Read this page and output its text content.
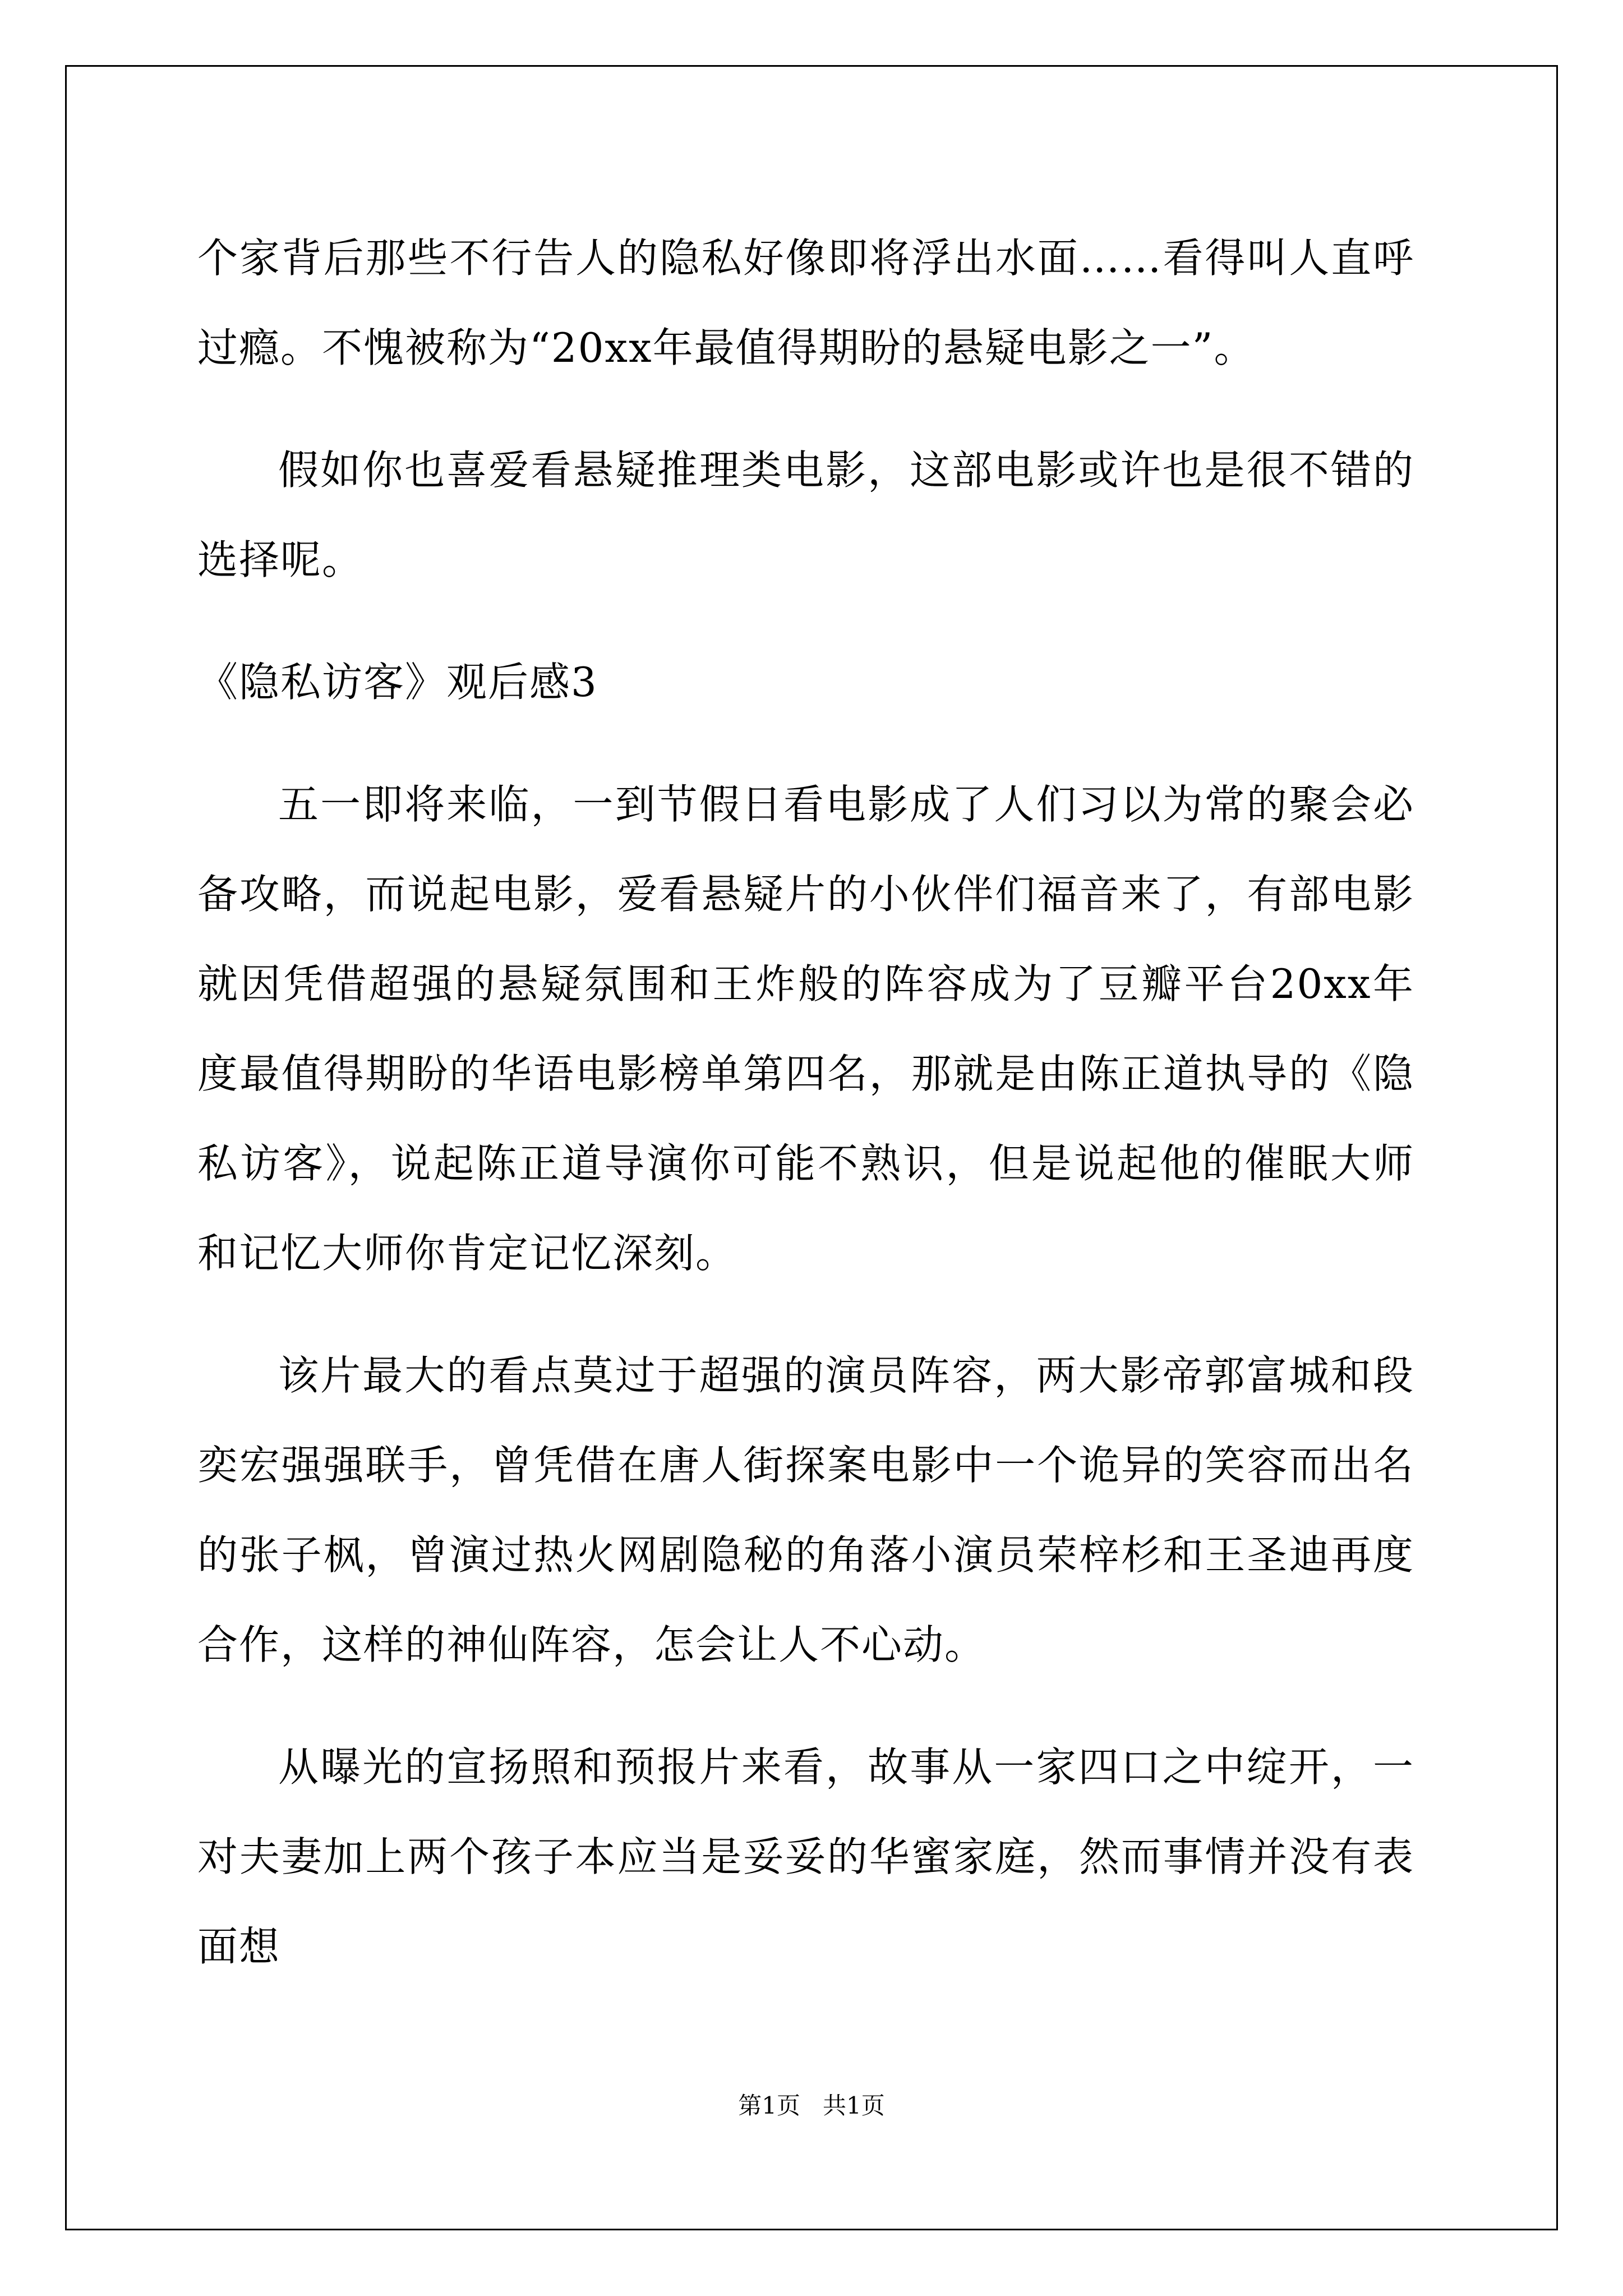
个家背后那些不行告人的隐私好像即将浮出水面……看得叫人直呼过瘾。不愧被称为“20xx年最值得期盼的悬疑电影之一”。

假如你也喜爱看悬疑推理类电影，这部电影或许也是很不错的选择呢。

《隐私访客》观后感3

五一即将来临，一到节假日看电影成了人们习以为常的聚会必备攻略，而说起电影，爱看悬疑片的小伙伴们福音来了，有部电影就因凭借超强的悬疑氛围和王炸般的阵容成为了豆瓣平台20xx年度最值得期盼的华语电影榜单第四名，那就是由陈正道执导的《隐私访客》，说起陈正道导演你可能不熟识，但是说起他的催眠大师和记忆大师你肯定记忆深刻。

该片最大的看点莫过于超强的演员阵容，两大影帝郭富城和段奕宏强强联手，曾凭借在唐人街探案电影中一个诡异的笑容而出名的张子枫，曾演过热火网剧隐秘的角落小演员荣梓杉和王圣迪再度合作，这样的神仙阵容，怎会让人不心动。

从曝光的宣扬照和预报片来看，故事从一家四口之中绽开，一对夫妻加上两个孩子本应当是妥妥的华蜜家庭，然而事情并没有表面想

第1页   共1页
